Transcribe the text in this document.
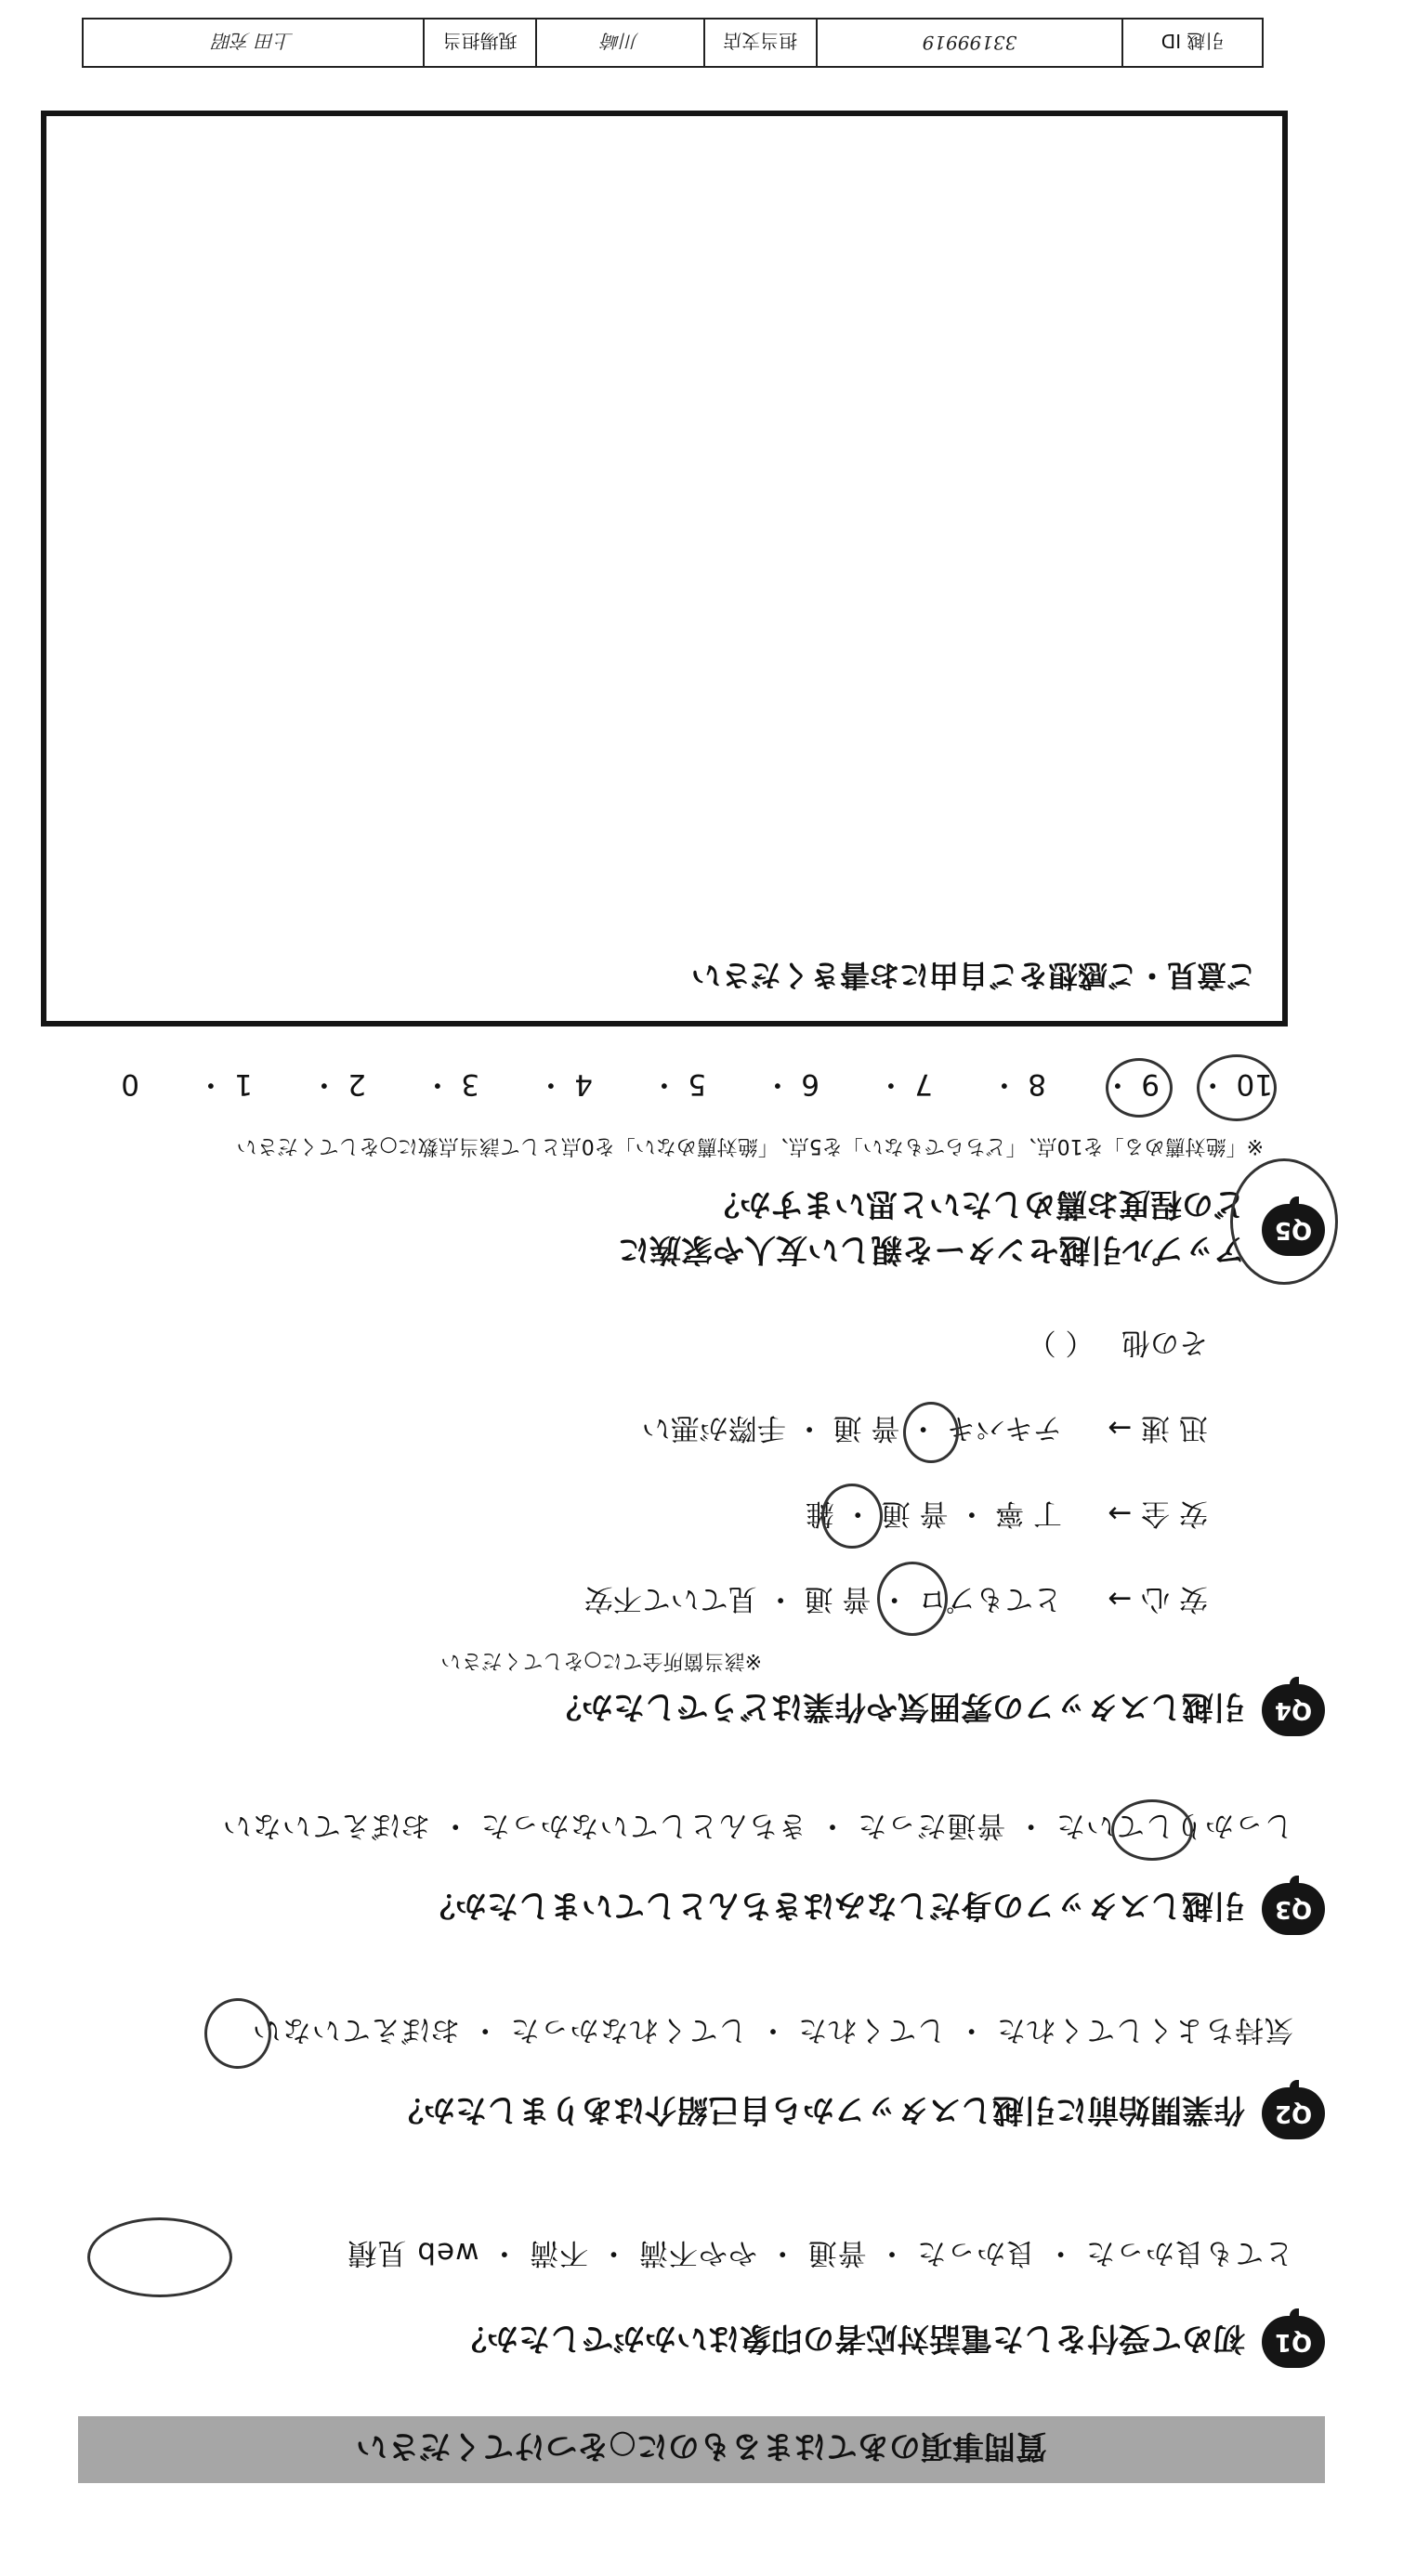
引越 ID
33199919
担当支店
川崎
現場担当
上田 充昭
質問事項のあてはまるものに○をつけてください
Q1
初めて受付をした電話対応者の印象はいかがでしたか？
とても良かった ・ 良かった ・ 普通 ・ やや不満 ・ 不満 ・ web 見積
Q2
作業開始前に引越しスタッフから自己紹介はありましたか？
気持ちよくしてくれた ・ してくれた ・ してくれなかった ・ おぼえていない
Q3
引越しスタッフの身だしなみはきちんとしていましたか？
しっかりしていた ・ 普通だった ・ きちんとしていなかった ・ おぼえていない
Q4
引越しスタッフの雰囲気や作業はどうでしたか？
※該当箇所全てに○をしてください
安 心 →     とてもプロ ・ 普 通 ・ 見ていて不安
安 全 →     丁 寧 ・ 普 通 ・ 雑
迅 速 →     テキパキ ・ 普 通 ・ 手際が悪い
その他   （ ）
Q5
アップル引越センターを親しい友人や家族に
どの程度お薦めしたいと思いますか？
※「絶対薦める」を10点、「どちらでもない」を5点、「絶対薦めない」を0点として該当点数に○をしてください
10 ・9 ・8 ・7 ・6 ・5 ・4 ・3 ・2 ・1 ・0
ご意見・ご感想をご自由にお書きください
